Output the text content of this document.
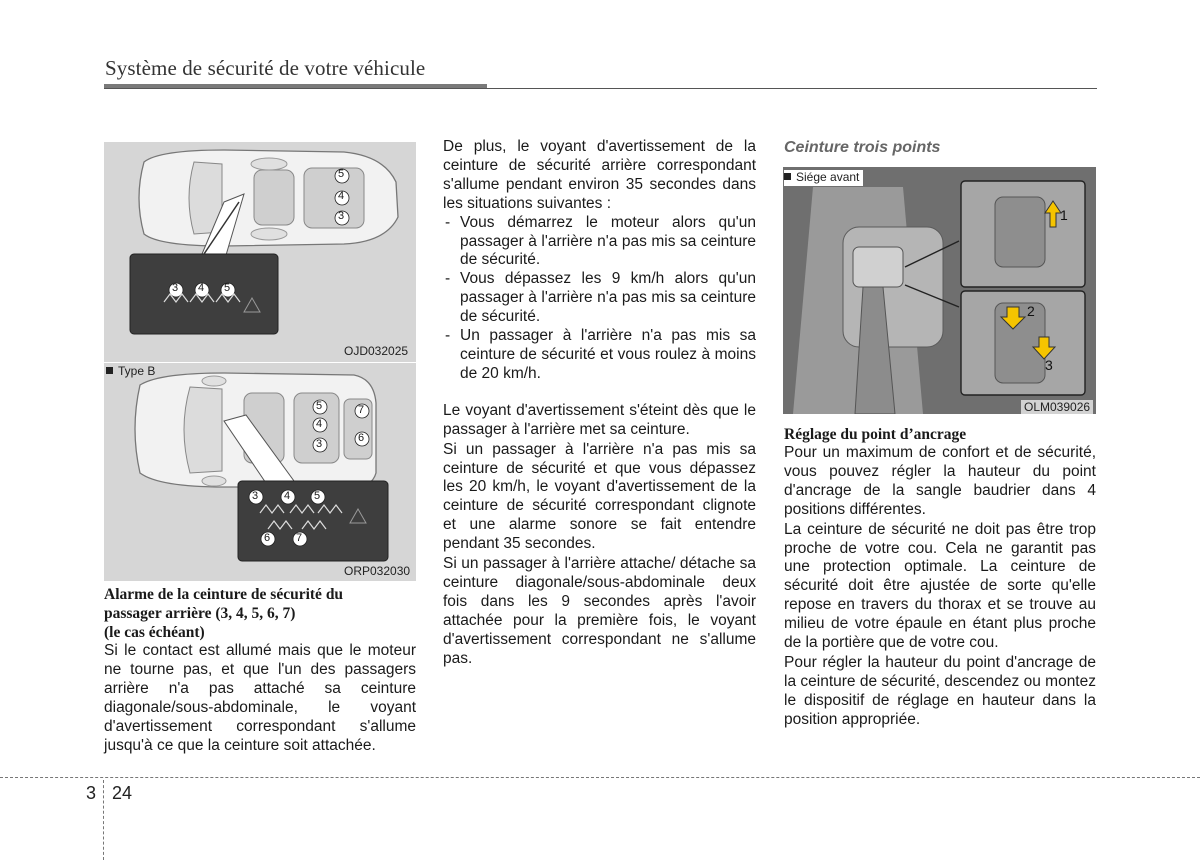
Système de sécurité de votre véhicule
5
4
3
3 4 5
OJD032025
5
4
3
7
6
3 4 5
6 7
ORP032030
Type B
Alarme de la ceinture de sécurité du
passager arrière (3, 4, 5, 6, 7)
(le cas échéant)

Si le contact est allumé mais que le moteur ne tourne pas, et que l'un des passagers arrière n'a pas attaché sa ceinture diagonale/sous-abdominale, le voyant d'avertissement correspondant s'allume jusqu'à ce que la ceinture soit attachée.

De plus, le voyant d'avertissement de la ceinture de sécurité arrière correspondant s'allume pendant environ 35 secondes dans les situations suivantes :

- Vous démarrez le moteur alors qu'un passager à l'arrière n'a pas mis sa ceinture de sécurité.
- Vous dépassez les 9 km/h alors qu'un passager à l'arrière n'a pas mis sa ceinture de sécurité.
- Un passager à l'arrière n'a pas mis sa ceinture de sécurité et vous roulez à moins de 20 km/h.

Le voyant d'avertissement s'éteint dès que le passager à l'arrière met sa ceinture.

Si un passager à l'arrière n'a pas mis sa ceinture de sécurité et que vous dépassez les 20 km/h, le voyant d'avertissement de la ceinture de sécurité correspondant clignote et une alarme sonore se fait entendre pendant 35 secondes.

Si un passager à l'arrière attache/ détache sa ceinture diagonale/sous-abdominale deux fois dans les 9 secondes après l'avoir attachée pour la première fois, le voyant d'avertissement correspondant ne s'allume pas.

Ceinture trois points
1
2
3
Siége avant
OLM039026
Réglage du point d’ancrage

Pour un maximum de confort et de sécurité, vous pouvez régler la hauteur du point d'ancrage de la sangle baudrier dans 4 positions différentes.

La ceinture de sécurité ne doit pas être trop proche de votre cou. Cela ne garantit pas une protection optimale. La ceinture de sécurité doit être ajustée de sorte qu'elle repose en travers du thorax et se trouve au milieu de votre épaule en étant plus proche de la portière que de votre cou.

Pour régler la hauteur du point d'ancrage de la ceinture de sécurité, descendez ou montez le dispositif de réglage en hauteur dans la position appropriée.

3 24
